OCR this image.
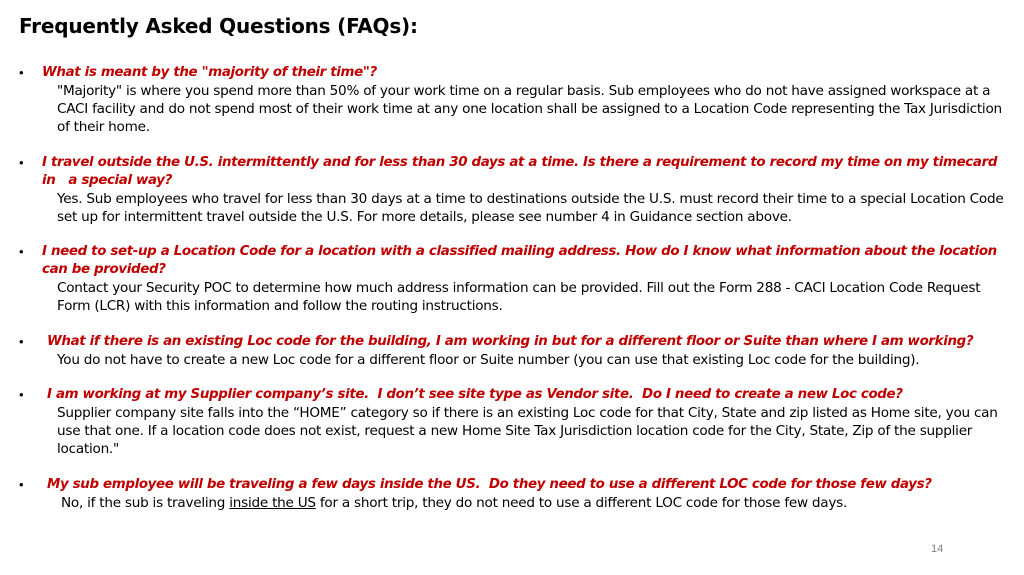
Frequently Asked Questions (FAQs):
• What is meant by the "majority of their time"?
"Majority" is where you spend more than 50% of your work time on a regular basis. Sub employees who do not have assigned workspace at a CACI facility and do not spend most of their work time at any one location shall be assigned to a Location Code representing the Tax Jurisdiction of their home.
• I travel outside the U.S. intermittently and for less than 30 days at a time. Is there a requirement to record my time on my timecard in   a special way?
Yes. Sub employees who travel for less than 30 days at a time to destinations outside the U.S. must record their time to a special Location Code set up for intermittent travel outside the U.S. For more details, please see number 4 in Guidance section above.
• I need to set-up a Location Code for a location with a classified mailing address. How do I know what information about the location can be provided?
Contact your Security POC to determine how much address information can be provided. Fill out the Form 288 - CACI Location Code Request Form (LCR) with this information and follow the routing instructions.
•	What if there is an existing Loc code for the building, I am working in but for a different floor or Suite than where I am working?
You do not have to create a new Loc code for a different floor or Suite number (you can use that existing Loc code for the building).
•	I am working at my Supplier company’s site.  I don’t see site type as Vendor site.  Do I need to create a new Loc code?
Supplier company site falls into the “HOME” category so if there is an existing Loc code for that City, State and zip listed as Home site, you can use that one. If a location code does not exist, request a new Home Site Tax Jurisdiction location code for the City, State, Zip of the supplier location."
•	My sub employee will be traveling a few days inside the US.  Do they need to use a different LOC code for those few days?
No, if the sub is traveling inside the US for a short trip, they do not need to use a different LOC code for those few days.
14
